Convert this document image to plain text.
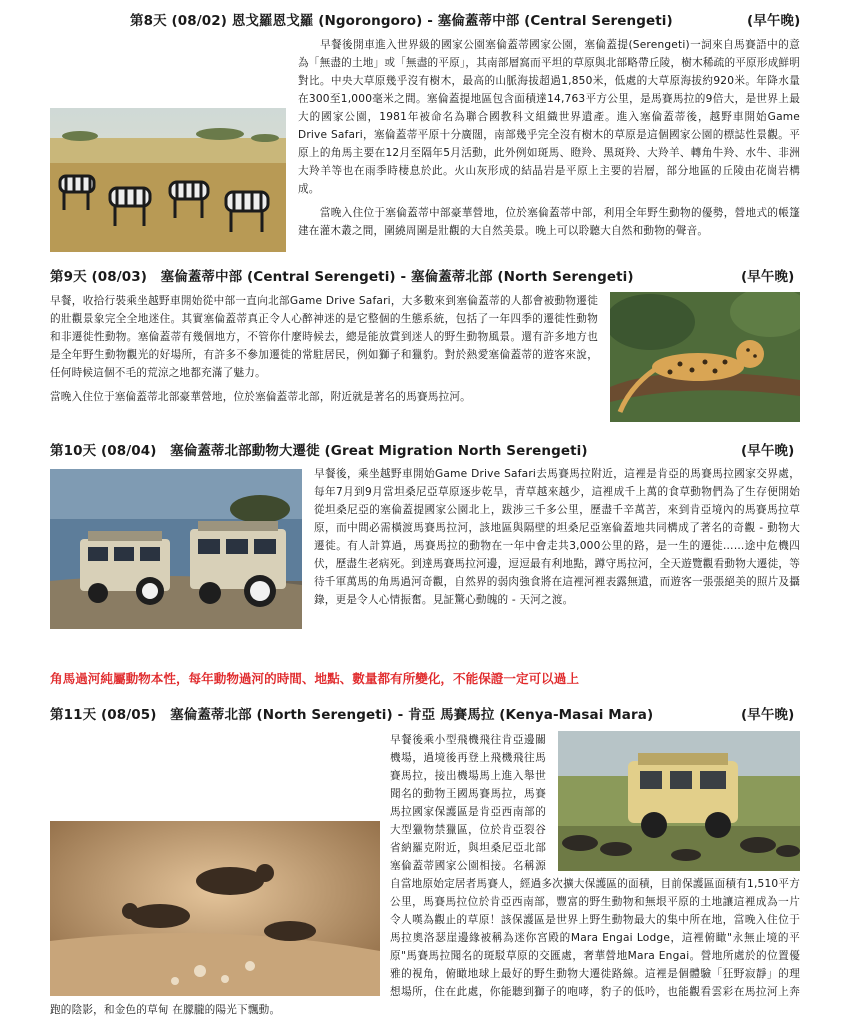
第8天 (08/02) 恩戈羅恩戈羅 (Ngorongoro) - 塞倫蓋蒂中部 (Central Serengeti)	(早午晚)

　　早餐後開車進入世界級的國家公園塞倫蓋蒂國家公園，塞倫蓋提(Serengeti)一詞來自馬賽語中的意為「無盡的土地」或「無盡的平原」，其南部層窩而平坦的草原與北部略帶丘陵，樹木稀疏的平原形成鮮明對比。中央大草原幾乎沒有樹木，最高的山脈海拔超過1,850米，低處的大草原海拔約920米。年降水量在300至1,000毫米之間。塞倫蓋提地區包含面積達14,763平方公里，是馬賽馬拉的9倍大，是世界上最大的國家公園，1981年被命名為聯合國教科文組織世界遺產。進入塞倫蓋蒂後，越野車開始Game Drive Safari，塞倫蓋蒂平原十分廣闊，南部幾乎完全沒有樹木的草原是這個國家公園的標誌性景觀。平原上的角馬主要在12月至隔年5月活動，此外例如斑馬、瞪羚、黑斑羚、大羚羊、轉角牛羚、水牛、非洲大羚羊等也在雨季時棲息於此。火山灰形成的結晶岩是平原上主要的岩層，部分地區的丘陵由花崗岩構成。

　　當晚入住位于塞倫蓋蒂中部豪華營地，位於塞倫蓋蒂中部，利用全年野生動物的優勢，營地式的帳篷建在灌木叢之間，圍繞周圍是壯觀的大自然美景。晚上可以聆聽大自然和動物的聲音。

第9天 (08/03)　塞倫蓋蒂中部 (Central Serengeti) - 塞倫蓋蒂北部 (North Serengeti)	(早午晚)

早餐，收拾行裝乘坐越野車開始從中部一直向北部Game Drive Safari，大多數來到塞倫蓋蒂的人都會被動物遷徙的壯觀景象完全全地迷住。其實塞倫蓋蒂真正令人心醉神迷的是它整個的生態系統，包括了一年四季的遷徙性動物和非遷徙性動物。塞倫蓋蒂有幾個地方，不管你什麼時候去，總是能放賞到迷人的野生動物風景。還有許多地方也是全年野生動物觀光的好場所，有許多不參加遷徙的常駐居民，例如獅子和獵豹。對於熱愛塞倫蓋蒂的遊客來說，任何時候這個不毛的荒涼之地都充滿了魅力。

當晚入住位于塞倫蓋蒂北部豪華營地，位於塞倫蓋蒂北部，附近就是著名的馬賽馬拉河。

第10天 (08/04)　塞倫蓋蒂北部動物大遷徙 (Great Migration North Serengeti)	(早午晚)

早餐後，乘坐越野車開始Game Drive Safari去馬賽馬拉附近，這裡是肯亞的馬賽馬拉國家交界處，每年7月到9月當坦桑尼亞草原逐步乾旱，青草越來越少，這裡成千上萬的食草動物們為了生存便開始從坦桑尼亞的塞倫蓋提國家公園北上，跋涉三千多公里，歷盡千辛萬苦，來到肯亞境內的馬賽馬拉草原，而中間必需橫渡馬賽馬拉河，該地區與隔壁的坦桑尼亞塞倫蓋地共同構成了著名的奇觀 - 動物大遷徙。有人計算過，馬賽馬拉的動物在一年中會走共3,000公里的路，是一生的遷徙……途中危機四伏，歷盡生老病死。到達馬賽馬拉河邊，逗逗最有利地點，蹲守馬拉河，全天遊覽觀看動物大遷徙，等待千軍萬馬的角馬過河奇觀，自然界的弱肉強食將在這裡河裡表露無遺，而遊客一張張絕美的照片及攝錄，更是令人心情振奮。見証驚心動魄的 - 天河之渡。

角馬過河純屬動物本性，每年動物過河的時間、地點、數量都有所變化，不能保證一定可以過上
第11天 (08/05)　塞倫蓋蒂北部 (North Serengeti) - 肯亞 馬賽馬拉 (Kenya-Masai Mara)	(早午晚)

早餐後乘小型飛機飛往肯亞邊關機場，過境後再登上飛機飛往馬賽馬拉，接出機場馬上進入舉世聞名的動物王國馬賽馬拉，馬賽馬拉國家保護區是肯亞西南部的大型獵物禁獵區，位於肯亞裂谷省納羅克附近，與坦桑尼亞北部塞倫蓋蒂國家公園相接。名稱源自當地原始定居者馬賽人，經過多次擴大保護區的面積，目前保護區面積有1,510平方公里，馬賽馬拉位於肯亞西南部，豐富的野生動物和無垠平原的土地讓這裡成為一片令人嘆為觀止的草原！該保護區是世界上野生動物最大的集中所在地，當晚入住位于馬拉奧洛瑟崖邊緣被稱為迷你宮殿的Mara Engai Lodge，這裡俯瞰"永無止境的平原"馬賽馬拉聞名的斑駁草原的交匯處，奢華營地Mara Engai。營地所處於的位置優雅的視角，俯瞰地球上最好的野生動物大遷徙路線。這裡是個體驗「狂野寂靜」的理想場所，住在此處，你能聽到獅子的咆哮，豹子的低吟，也能觀看雲彩在馬拉河上奔跑的陰影，和金色的草甸 在朦朧的陽光下飄動。
